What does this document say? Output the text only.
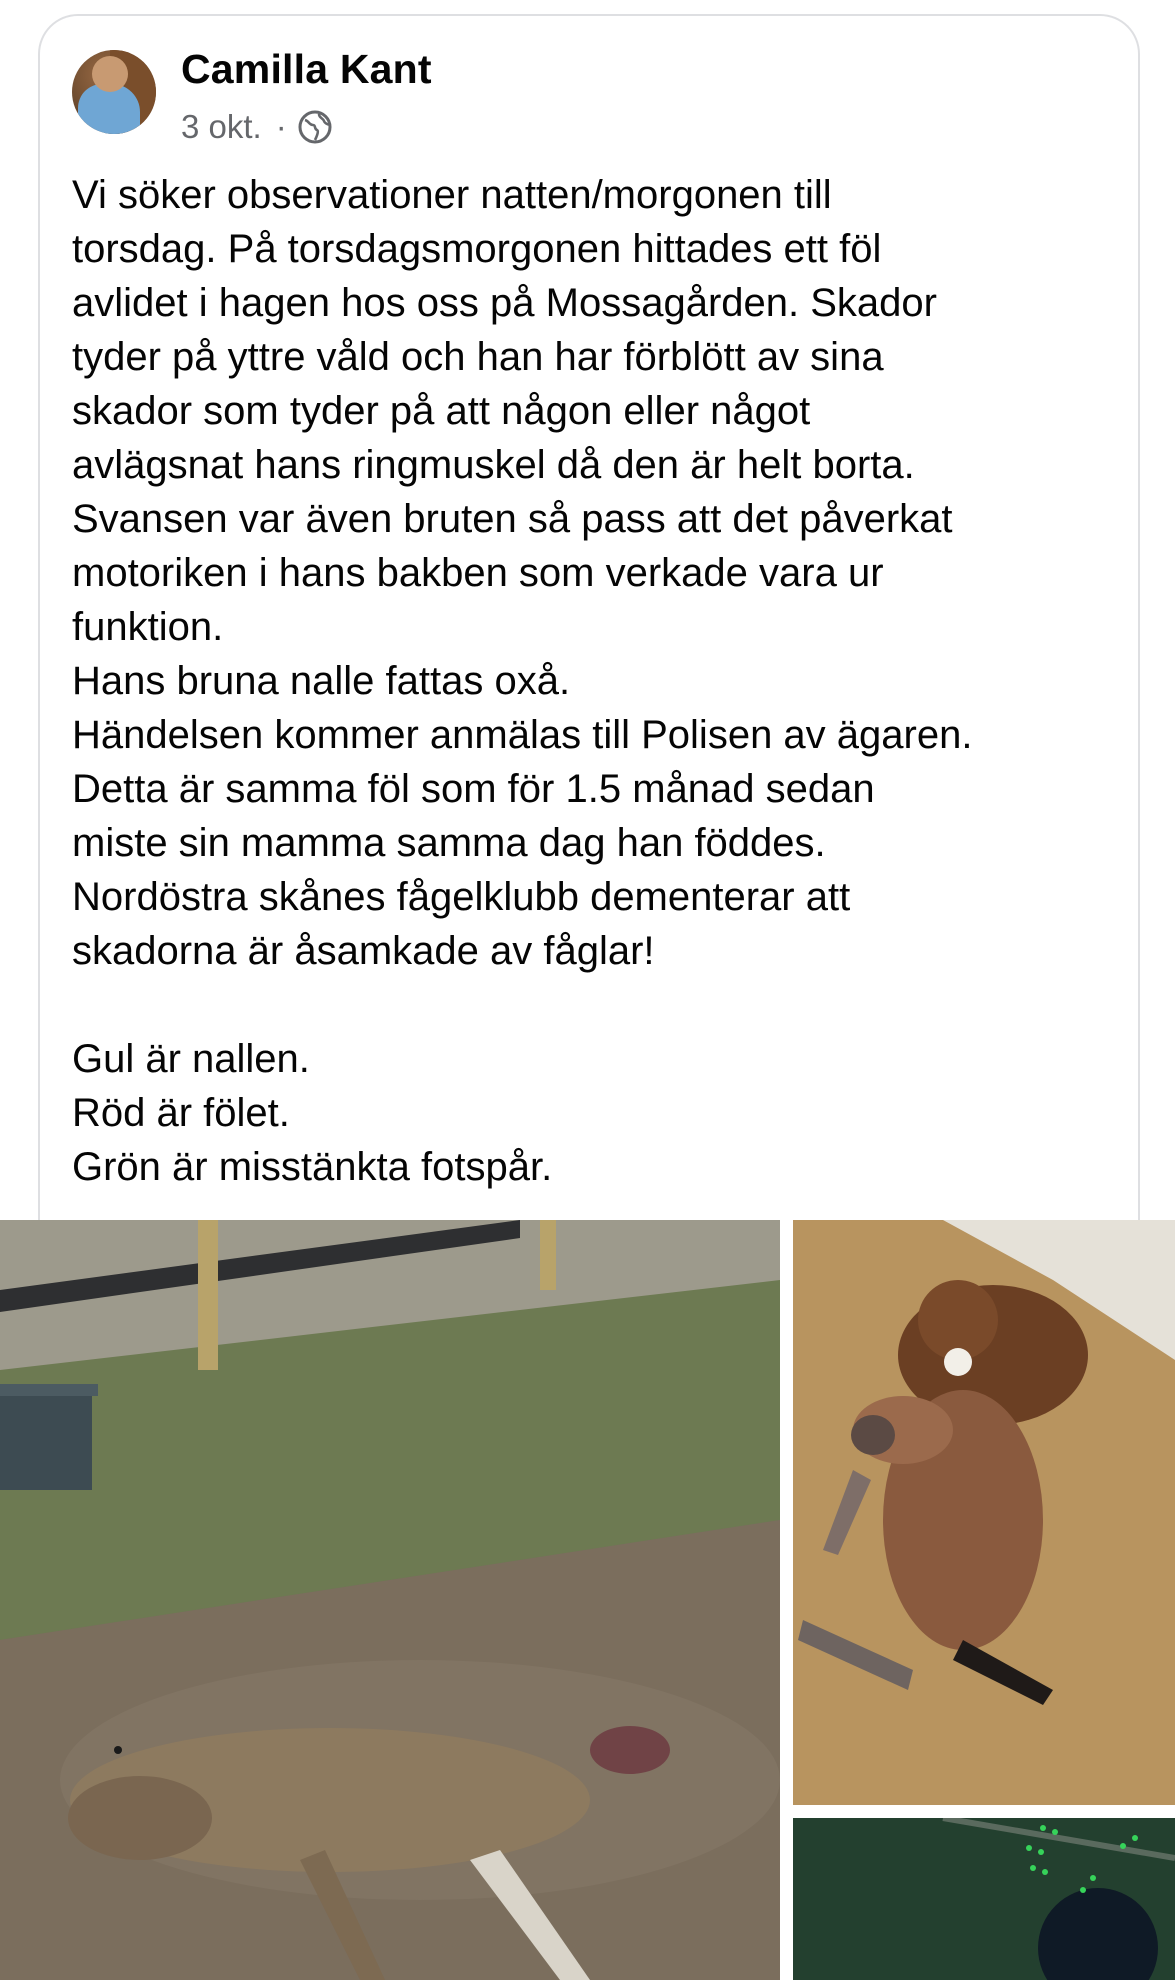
Camilla Kant
3 okt. ·

Vi söker observationer natten/morgonen till

torsdag. På torsdagsmorgonen hittades ett föl

avlidet i hagen hos oss på Mossagården. Skador

tyder på yttre våld och han har förblött av sina

skador som tyder på att någon eller något

avlägsnat hans ringmuskel då den är helt borta.

Svansen var även bruten så pass att det påverkat

motoriken i hans bakben som verkade vara ur

funktion.

Hans bruna nalle fattas oxå.

Händelsen kommer anmälas till Polisen av ägaren.

Detta är samma föl som för 1.5 månad sedan

miste sin mamma samma dag han föddes.

Nordöstra skånes fågelklubb dementerar att

skadorna är åsamkade av fåglar!

Gul är nallen.

Röd är fölet.

Grön är misstänkta fotspår.
